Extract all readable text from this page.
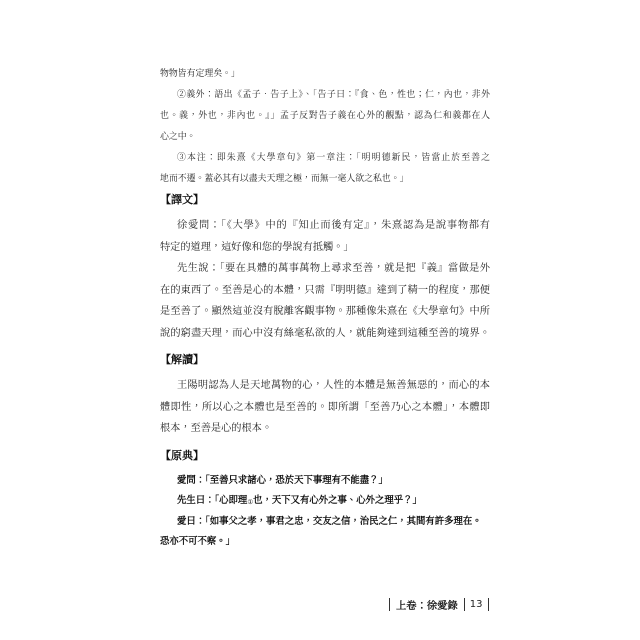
物物皆有定理矣。」
②義外：語出《孟子．告子上》、「告子曰：『食、色，性也；仁，內也，非外
也。義，外也，非內也。』」孟子反對告子義在心外的觀點，認為仁和義都在人
心之中。
③本注：即朱熹《大學章句》第一章注：「明明德新民，皆當止於至善之
地而不遷。蓋必其有以盡夫天理之極，而無一毫人欲之私也。」
【譯文】
徐愛問：「《大學》中的『知止而後有定』，朱熹認為是說事物都有
特定的道理，這好像和您的學說有抵觸。」
先生說：「要在具體的萬事萬物上尋求至善，就是把『義』當做是外
在的東西了。至善是心的本體，只需『明明德』達到了精一的程度，那便
是至善了。顯然這並沒有脫離客觀事物。那種像朱熹在《大學章句》中所
說的窮盡天理，而心中沒有絲毫私欲的人，就能夠達到這種至善的境界。
【解讀】
王陽明認為人是天地萬物的心，人性的本體是無善無惡的，而心的本
體即性，所以心之本體也是至善的。即所謂「至善乃心之本體」，本體即
根本，至善是心的根本。
【原典】
愛問：「至善只求諸心，恐於天下事理有不能盡？」
先生曰：「心即理①也，天下又有心外之事、心外之理乎？」
愛曰：「如事父之孝，事君之忠，交友之信，治民之仁，其間有許多理在。
恐亦不可不察。」
上卷：徐愛錄 13
